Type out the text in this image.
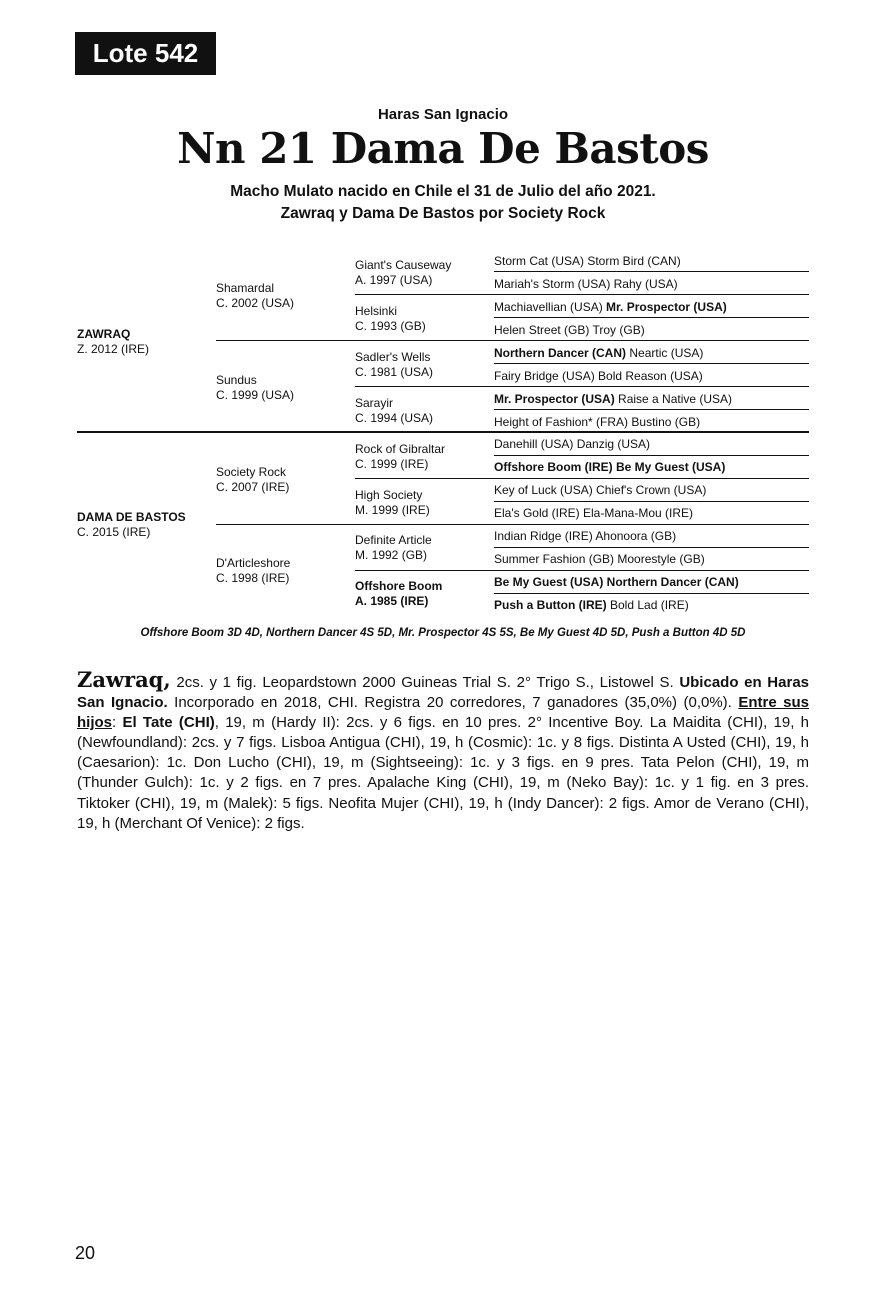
Lote 542
Haras San Ignacio
Nn 21 Dama De Bastos
Macho Mulato nacido en Chile el 31 de Julio del año 2021.
Zawraq y Dama De Bastos por Society Rock
ZAWRAQ
Z. 2012 (IRE)
DAMA DE BASTOS
C. 2015 (IRE)
Shamardal
C. 2002 (USA)
Sundus
C. 1999 (USA)
Society Rock
C. 2007 (IRE)
D'Articleshore
C. 1998 (IRE)
Giant's Causeway
A. 1997 (USA)
Helsinki
C. 1993 (GB)
Sadler's Wells
C. 1981 (USA)
Sarayir
C. 1994 (USA)
Rock of Gibraltar
C. 1999 (IRE)
High Society
M. 1999 (IRE)
Definite Article
M. 1992 (GB)
Offshore Boom
A. 1985 (IRE)
Storm Cat (USA) Storm Bird (CAN)
Mariah's Storm (USA) Rahy (USA)
Machiavellian (USA) Mr. Prospector (USA)
Helen Street (GB) Troy (GB)
Northern Dancer (CAN) Neartic (USA)
Fairy Bridge (USA) Bold Reason (USA)
Mr. Prospector (USA) Raise a Native (USA)
Height of Fashion* (FRA) Bustino (GB)
Danehill (USA) Danzig (USA)
Offshore Boom (IRE) Be My Guest (USA)
Key of Luck (USA) Chief's Crown (USA)
Ela's Gold (IRE) Ela-Mana-Mou (IRE)
Indian Ridge (IRE) Ahonoora (GB)
Summer Fashion (GB) Moorestyle (GB)
Be My Guest (USA) Northern Dancer (CAN)
Push a Button (IRE) Bold Lad (IRE)
Offshore Boom 3D 4D, Northern Dancer 4S 5D, Mr. Prospector 4S 5S, Be My Guest 4D 5D, Push a Button 4D 5D
Zawraq, 2cs. y 1 fig. Leopardstown 2000 Guineas Trial S. 2° Trigo S., Listowel S. Ubicado en Haras San Ignacio. Incorporado en 2018, CHI. Registra 20 corredores, 7 ganadores (35,0%) (0,0%). Entre sus hijos: El Tate (CHI), 19, m (Hardy II): 2cs. y 6 figs. en 10 pres. 2° Incentive Boy. La Maidita (CHI), 19, h (Newfoundland): 2cs. y 7 figs. Lisboa Antigua (CHI), 19, h (Cosmic): 1c. y 8 figs. Distinta A Usted (CHI), 19, h (Caesarion): 1c. Don Lucho (CHI), 19, m (Sightseeing): 1c. y 3 figs. en 9 pres. Tata Pelon (CHI), 19, m (Thunder Gulch): 1c. y 2 figs. en 7 pres. Apalache King (CHI), 19, m (Neko Bay): 1c. y 1 fig. en 3 pres. Tiktoker (CHI), 19, m (Malek): 5 figs. Neofita Mujer (CHI), 19, h (Indy Dancer): 2 figs. Amor de Verano (CHI), 19, h (Merchant Of Venice): 2 figs.
20
